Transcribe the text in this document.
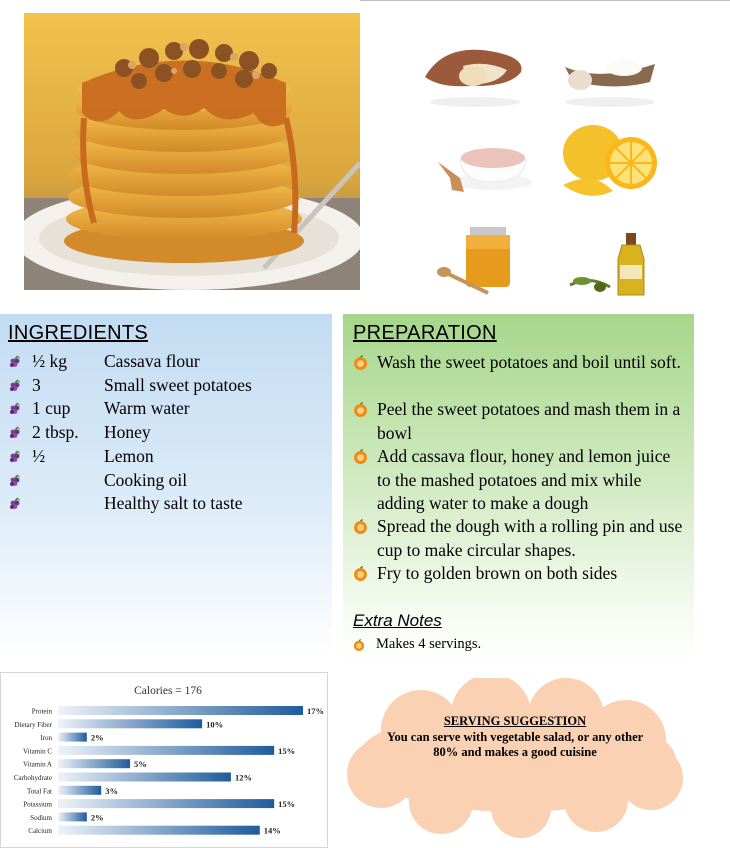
INGREDIENTS
½ kg Cassava flour
3	Small sweet potatoes
1 cup Warm water
2 tbsp. Honey
½	Lemon
Cooking oil
Healthy salt to taste
PREPARATION
Wash the sweet potatoes and boil until soft.
Peel the sweet potatoes and mash them in a bowl
Add cassava flour, honey and lemon juice to the mashed potatoes and mix while adding water to make a dough
Spread the dough with a rolling pin and use cup to make circular shapes.
Fry to golden brown on both sides
Extra Notes
Makes 4 servings.
Calories = 176
Protein	17%
Dietary Fiber	10%
Iron	2%
Vitamin C	15%
Vitamin A	5%
Carbohydrate	12%
Total Fat	3%
Potassium	15%
Sodium	2%
Calcium	14%
SERVING SUGGESTION
You can serve with vegetable salad, or any other 80% and makes a good cuisine
